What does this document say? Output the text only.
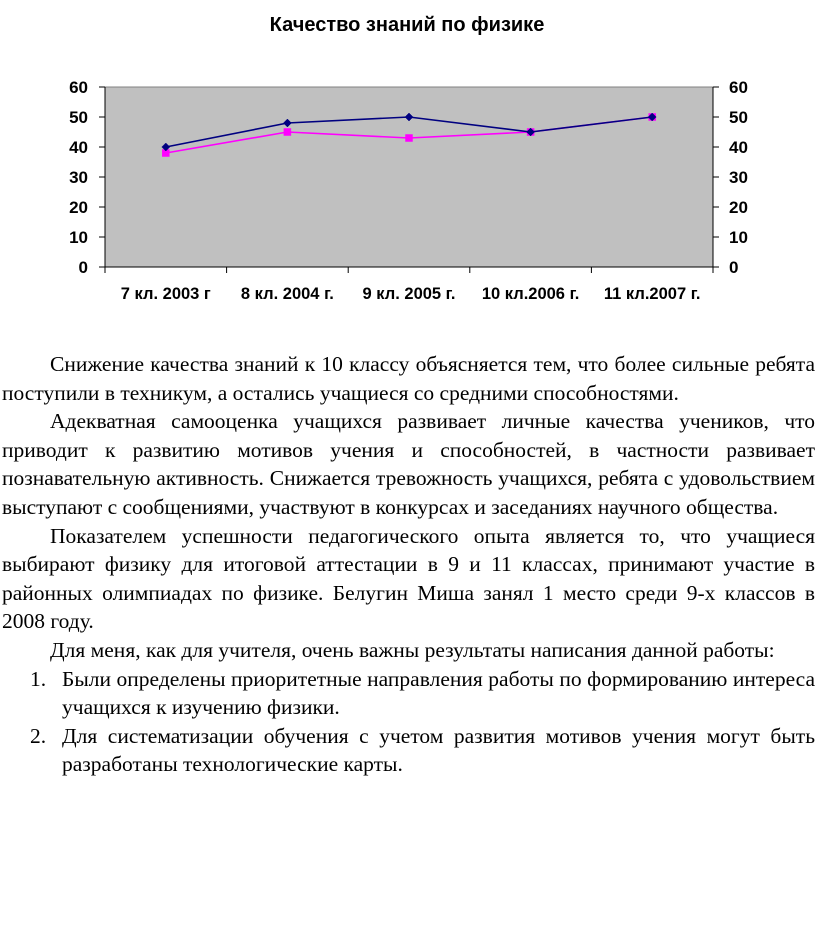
Качество знаний по физике
0	0
10	10
20	20
30	30
40	40
50	50
60	60
7 кл. 2003 г 8 кл. 2004 г. 9 кл. 2005 г. 10 кл.2006 г. 11 кл.2007 г.

Снижение качества знаний к 10 классу объясняется тем, что более сильные ребята поступили в техникум, а остались учащиеся со средними способностями.

Адекватная самооценка учащихся развивает личные качества учеников, что приводит к развитию мотивов учения и способностей, в частности развивает познавательную активность. Снижается тревожность учащихся, ребята с удовольствием выступают с сообщениями, участвуют в конкурсах и заседаниях научного общества.

Показателем успешности педагогического опыта является то, что учащиеся выбирают физику для итоговой аттестации в 9 и 11 классах, принимают участие в районных олимпиадах по физике. Белугин Миша занял 1 место среди 9-х классов в 2008 году.

Для меня, как для учителя, очень важны результаты написания данной работы:

1. Были определены приоритетные направления работы по формированию интереса учащихся к изучению физики.
2. Для систематизации обучения с учетом развития мотивов учения могут быть разработаны технологические карты.
